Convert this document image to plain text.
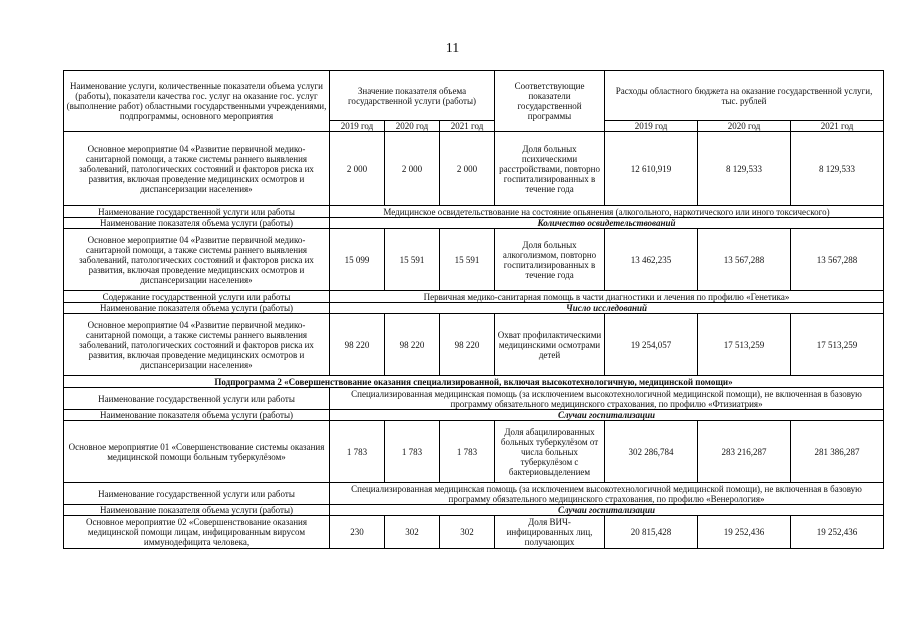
11
Наименование услуги, количественные показатели объема услуги (работы), показатели качества гос. услуг на оказание гос. услуг (выполнение работ) областными государственными учреждениями, подпрограммы, основного мероприятия	Значение показателя объема государственной услуги (работы)			Соответствующие показатели государственной программы	Расходы областного бюджета на оказание государственной услуги, тыс. рублей		
	2019 год	2020 год	2021 год		2019 год	2020 год	2021 год
Основное мероприятие 04 «Развитие первичной медико-санитарной помощи, а также системы раннего выявления заболеваний, патологических состояний и факторов риска их развития, включая проведение медицинских осмотров и диспансеризации населения»	2 000	2 000	2 000	Доля больных психическими расстройствами, повторно госпитализированных в течение года	12 610,919	8 129,533	8 129,533
Наименование государственной услуги или работы	Медицинское освидетельствование на состояние опьянения (алкогольного, наркотического или иного токсического)						
Наименование показателя объема услуги (работы)	Количество освидетельствований						
Основное мероприятие 04 «Развитие первичной медико-санитарной помощи, а также системы раннего выявления заболеваний, патологических состояний и факторов риска их развития, включая проведение медицинских осмотров и диспансеризации населения»	15 099	15 591	15 591	Доля больных алкоголизмом, повторно госпитализированных в течение года	13 462,235	13 567,288	13 567,288
Содержание государственной услуги или работы	Первичная медико-санитарная помощь в части диагностики и лечения по профилю «Генетика»						
Наименование показателя объема услуги (работы)	Число исследований						
Основное мероприятие 04 «Развитие первичной медико-санитарной помощи, а также системы раннего выявления заболеваний, патологических состояний и факторов риска их развития, включая проведение медицинских осмотров и диспансеризации населения»	98 220	98 220	98 220	Охват профилактическими медицинскими осмотрами детей	19 254,057	17 513,259	17 513,259
Подпрограмма 2 «Совершенствование оказания специализированной, включая высокотехнологичную, медицинской помощи»							
Наименование государственной услуги или работы	Специализированная медицинская помощь (за исключением высокотехнологичной медицинской помощи), не включенная в базовую программу обязательного медицинского страхования, по профилю «Фтизиатрия»						
Наименование показателя объема услуги (работы)	Случаи госпитализации						
Основное мероприятие 01 «Совершенствование системы оказания медицинской помощи больным туберкулёзом»	1 783	1 783	1 783	Доля абацилированных больных туберкулёзом от числа больных туберкулёзом с бактериовыделением	302 286,784	283 216,287	281 386,287
Наименование государственной услуги или работы	Специализированная медицинская помощь (за исключением высокотехнологичной медицинской помощи), не включенная в базовую программу обязательного медицинского страхования, по профилю «Венерология»						
Наименование показателя объема услуги (работы)	Случаи госпитализации						
Основное мероприятие 02 «Совершенствование оказания медицинской помощи лицам, инфицированным вирусом иммунодефицита человека,	230	302	302	Доля ВИЧ-инфицированных лиц, получающих	20 815,428	19 252,436	19 252,436
